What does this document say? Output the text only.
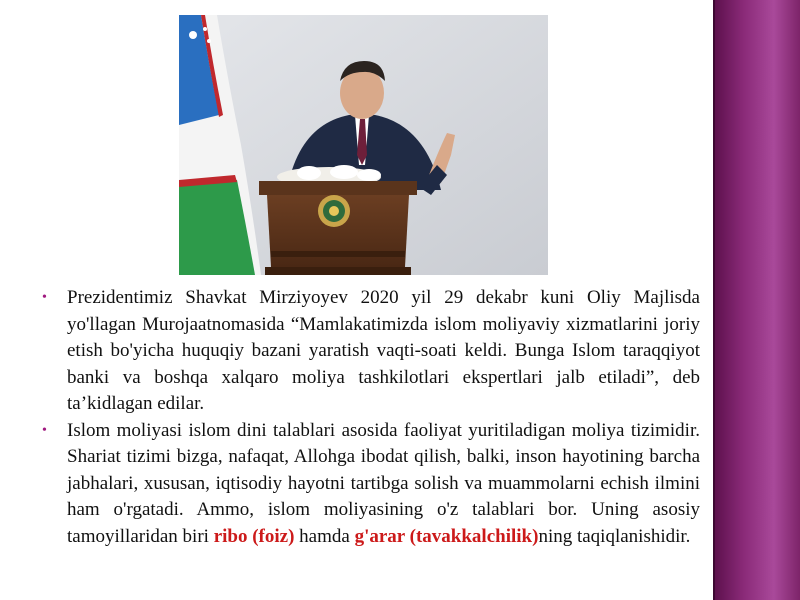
• Prezidentimiz Shavkat Mirziyoyev 2020 yil 29 dekabr kuni Oliy Majlisda yo'llagan Murojaatnomasida “Mamlakatimizda islom moliyaviy xizmatlarini joriy etish bo'yicha huquqiy bazani yaratish vaqti-soati keldi. Bunga Islom taraqqiyot banki va boshqa xalqaro moliya tashkilotlari ekspertlari jalb etiladi”, deb ta’kidlagan edilar.
• Islom moliyasi islom dini talablari asosida faoliyat yuritiladigan moliya tizimidir. Shariat tizimi bizga, nafaqat, Allohga ibodat qilish, balki, inson hayotining barcha jabhalari, xususan, iqtisodiy hayotni tartibga solish va muammolarni echish ilmini ham o'rgatadi. Ammo, islom moliyasining o'z talablari bor. Uning asosiy tamoyillaridan biri ribo (foiz) hamda g'arar (tavakkalchilik)ning taqiqlanishidir.
